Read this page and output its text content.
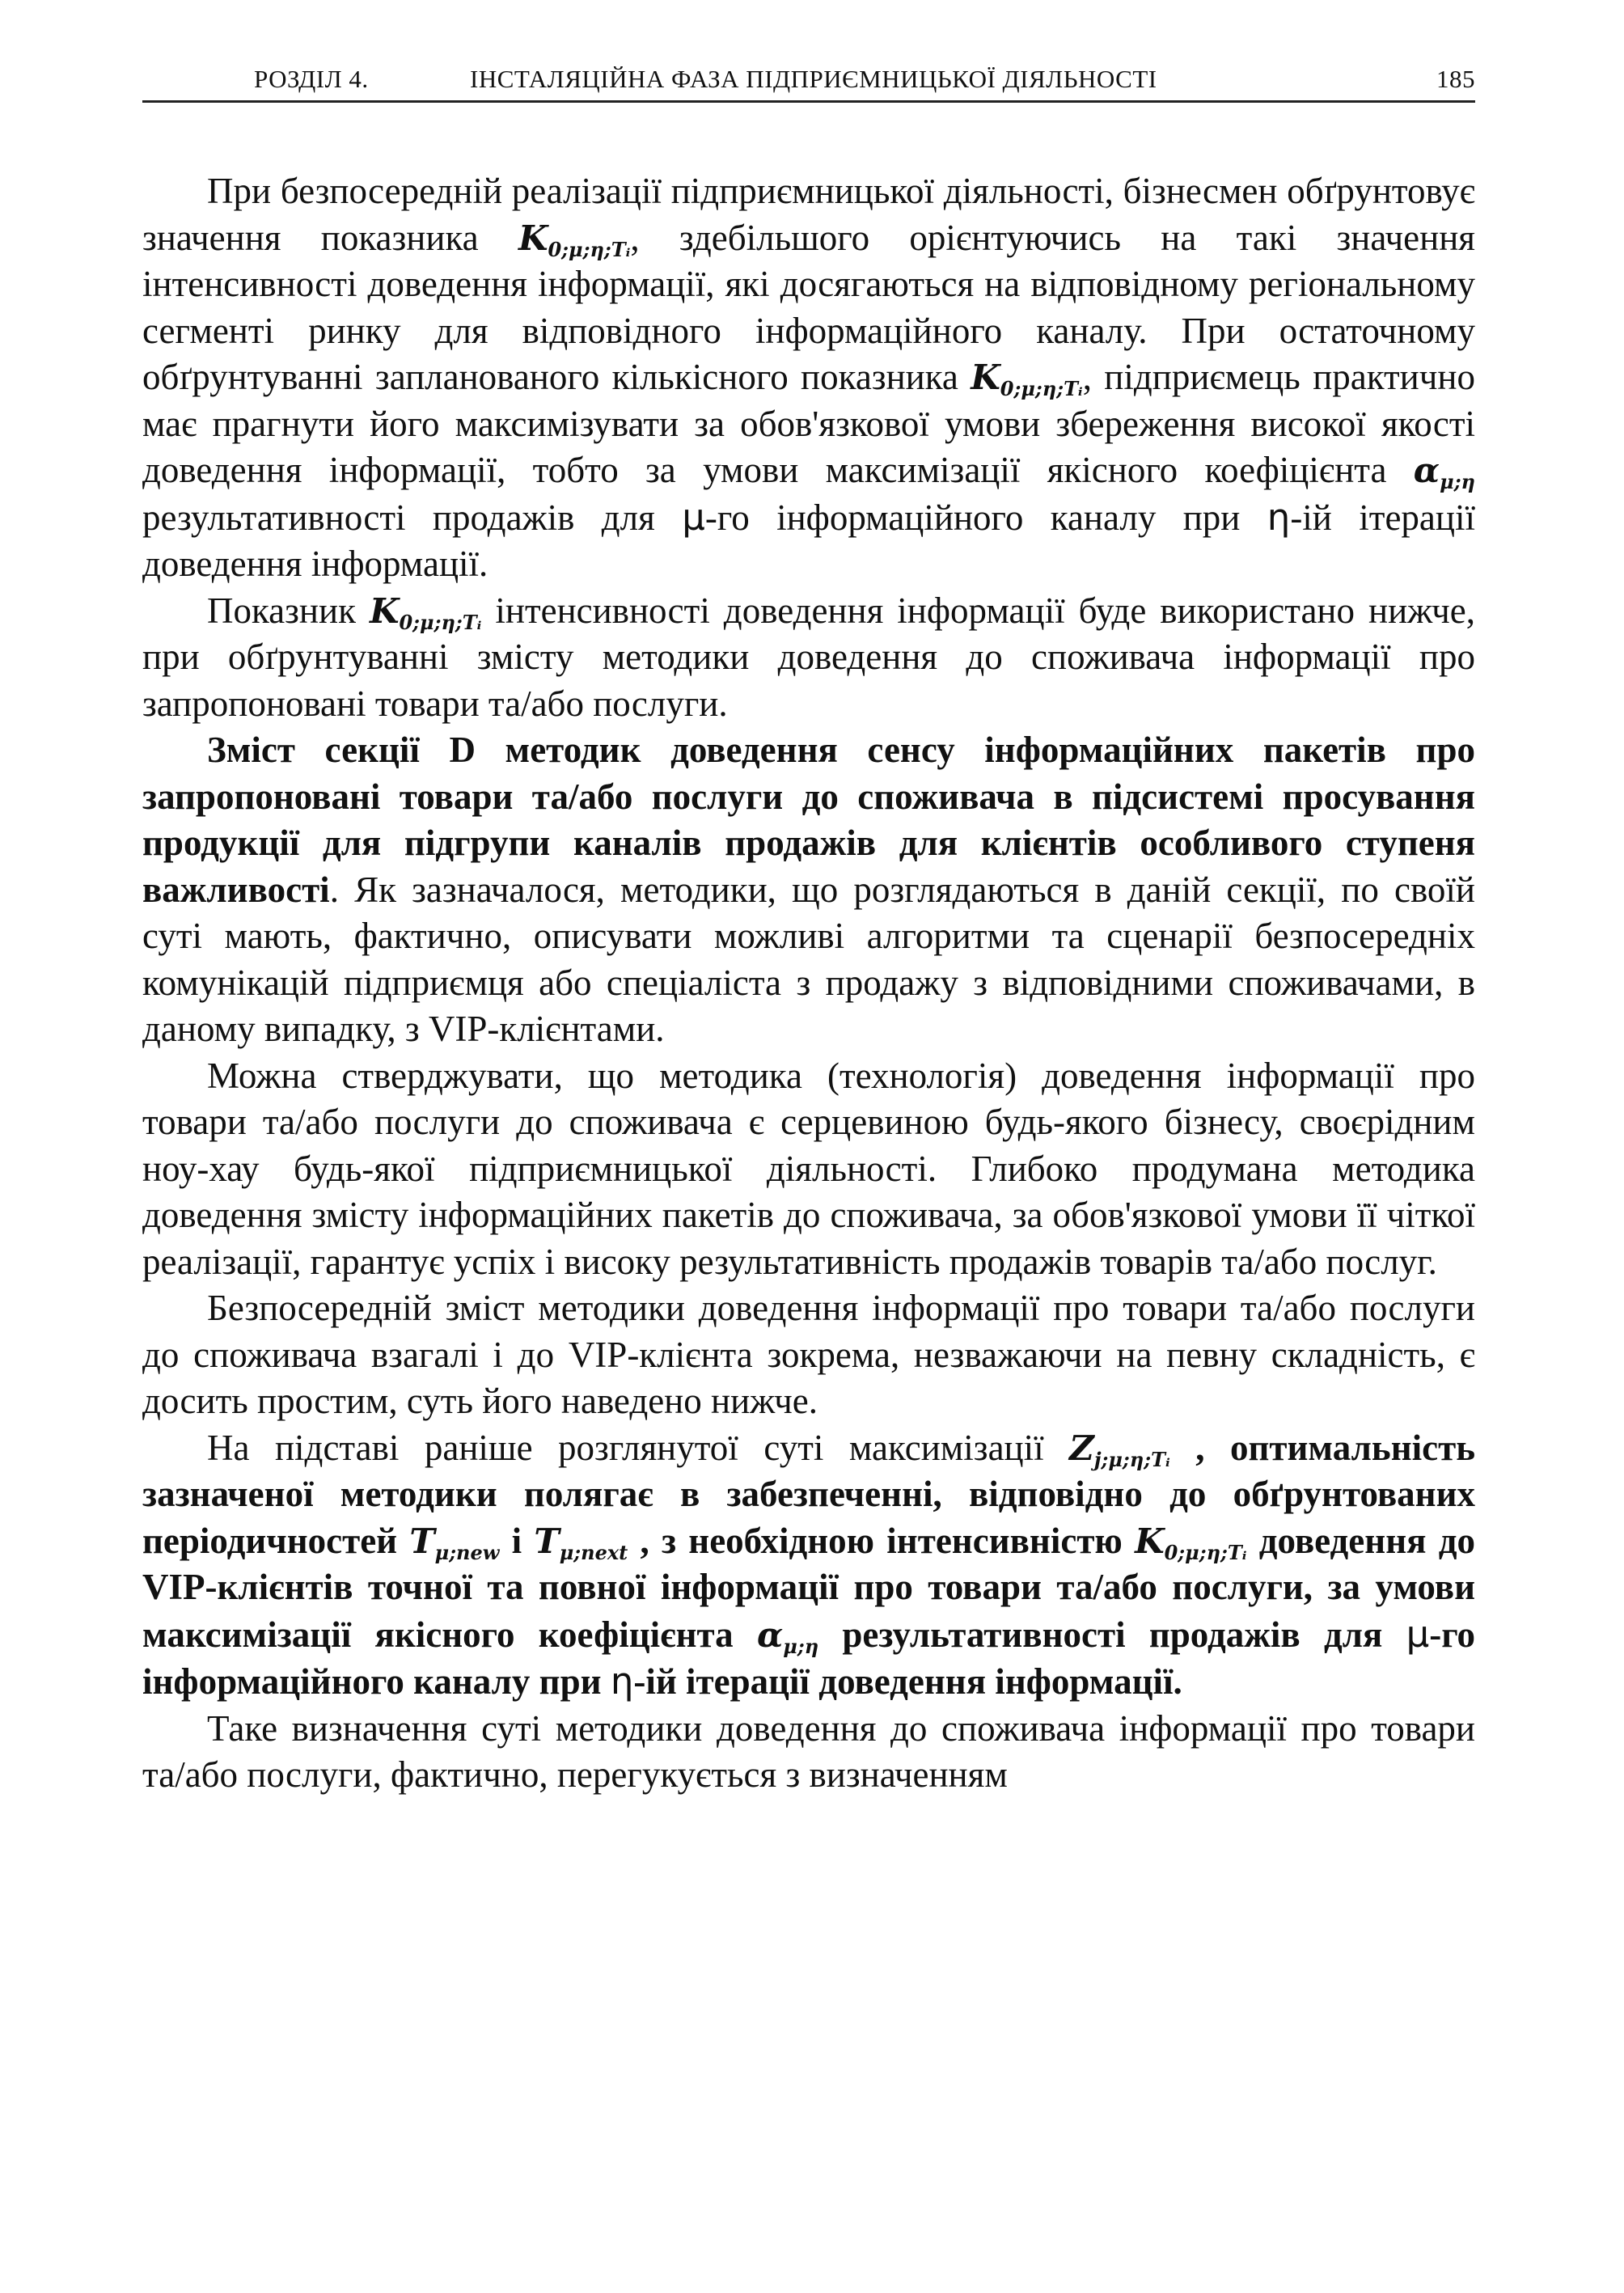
РОЗДІЛ 4.	ІНСТАЛЯЦІЙНА ФАЗА ПІДПРИЄМНИЦЬКОЇ ДІЯЛЬНОСТІ	185

При безпосередній реалізації підприємницької діяльності, бізнесмен обґрунтовує значення показника $K_{0;\mu;\eta;Tᵢ}$, здебільшого орієнтуючись на такі значення інтенсивності доведення інформації, які досягаються на відповідному регіональному сегменті ринку для відповідного інформаційного каналу. При остаточному обґрунтуванні запланованого кількісного показника $K_{0;\mu;\eta;Tᵢ}$, підприємець практично має прагнути його максимізувати за обов'язкової умови збереження високої якості доведення інформації, тобто за умови максимізації якісного коефіцієнта $\alpha_{\mu;\eta}$ результативності продажів для μ-го інформаційного каналу при η-ій ітерації доведення інформації.

Показник $K_{0;\mu;\eta;Tᵢ}$ інтенсивності доведення інформації буде використано нижче, при обґрунтуванні змісту методики доведення до споживача інформації про запропоновані товари та/або послуги.

Зміст секції D методик доведення сенсу інформаційних пакетів про запропоновані товари та/або послуги до споживача в підсистемі просування продукції для підгрупи каналів продажів для клієнтів особливого ступеня важливості. Як зазначалося, методики, що розглядаються в даній секції, по своїй суті мають, фактично, описувати можливі алгоритми та сценарії безпосередніх комунікацій підприємця або спеціаліста з продажу з відповідними споживачами, в даному випадку, з VIP-клієнтами.

Можна стверджувати, що методика (технологія) доведення інформації про товари та/або послуги до споживача є серцевиною будь-якого бізнесу, своєрідним ноу-хау будь-якої підприємницької діяльності. Глибоко продумана методика доведення змісту інформаційних пакетів до споживача, за обов'язкової умови її чіткої реалізації, гарантує успіх і високу результативність продажів товарів та/або послуг.

Безпосередній зміст методики доведення інформації про товари та/або послуги до споживача взагалі і до VIP-клієнта зокрема, незважаючи на певну складність, є досить простим, суть його наведено нижче.

На підставі раніше розглянутої суті максимізації $Z_{j;\mu;\eta;Tᵢ}$ , оптимальність зазначеної методики полягає в забезпеченні, відповідно до обґрунтованих періодичностей $T_{\mu;new}$ і $T_{\mu;next}$ , з необхідною інтенсивністю $K_{0;\mu;\eta;Tᵢ}$ доведення до VIP-клієнтів точної та повної інформації про товари та/або послуги, за умови максимізації якісного коефіцієнта $\alpha_{\mu;\eta}$ результативності продажів для μ-го інформаційного каналу при η-ій ітерації доведення інформації.

Таке визначення суті методики доведення до споживача інформації про товари та/або послуги, фактично, перегукується з визначенням
